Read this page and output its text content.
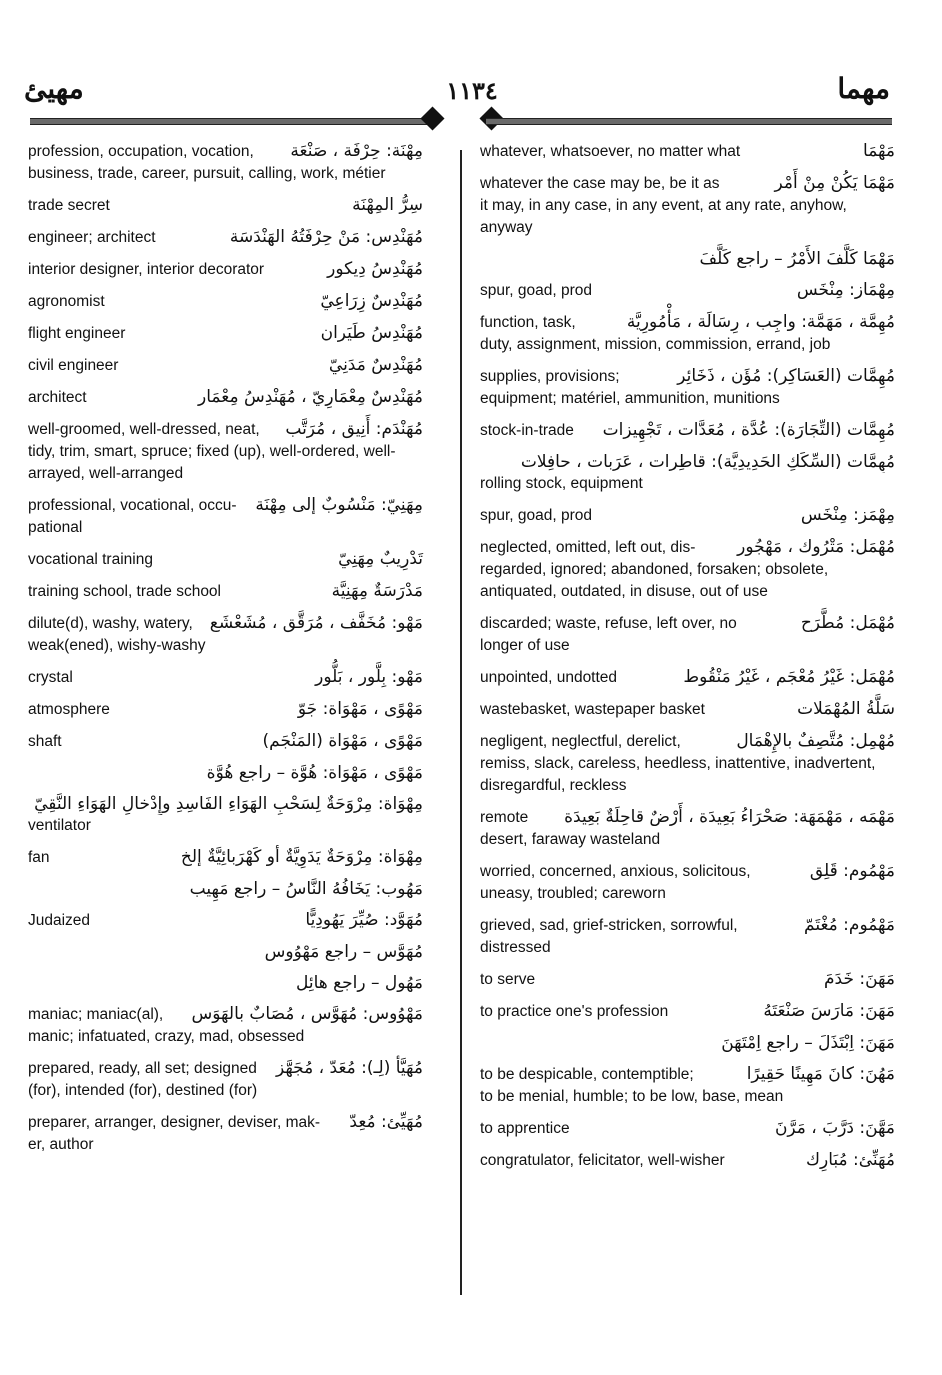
مهيئ	١١٣٤	مهما
profession, occupation, vocation,	مِهْنَة: حِرْفَة ، صَنْعَة
business, trade, career, pursuit, calling, work, métier
trade secret	سِرُّ المِهْنَة
engineer; architect	مُهَنْدِس: مَنْ حِرْفَتُهُ الهَنْدَسَة
interior designer, interior decorator	مُهَنْدِسُ دِيكور
agronomist	مُهَنْدِسٌ زِرَاعِيّ
flight engineer	مُهَنْدِسُ طَيَران
civil engineer	مُهَنْدِسٌ مَدَنِيّ
architect	مُهَنْدِسٌ مِعْمَارِيّ ، مُهَنْدِسُ مِعْمَار
well-groomed, well-dressed, neat,	مُهَنْدَم: أَنِيق ، مُرَتَّب
tidy, trim, smart, spruce; fixed (up), well-ordered, well-arrayed, well-arranged
professional, vocational, occu-	مِهَنِيّ: مَنْسُوبٌ إلى مِهْنَة
pational
vocational training	تَدْرِيبٌ مِهَنِيّ
training school, trade school	مَدْرَسَةٌ مِهَنِيَّة
dilute(d), washy, watery, مَهْو: مُخَفَّف ، مُرَقَّق ، مُشَعْشَع
weak(ened), wishy-washy
crystal	مَهْو: بِلَّور ، بَلُّور
atmosphere	مَهْوًى ، مَهْوَاة: جَوّ
shaft	مَهْوًى ، مَهْوَاة (المَنْجَم)
مَهْوًى ، مَهْوَاة: هُوَّة – راجع هُوَّة
مِهْوَاة: مِرْوَحَةٌ لِسَحْبِ الهَوَاءِ الفَاسِدِ وإِدْخالِ الهَوَاءِ النَّقِيّ
ventilator
fan	مِهْوَاة: مِرْوَحَةٌ يَدَوِيَّةٌ أو كَهْرَبائِيَّةٌ إلخ
مَهُوب: يَخَافُهُ النَّاسُ – راجع مَهِيب
Judaized	مُهَوَّد: صُيِّرَ يَهُودِيًّا
مُهَوَّس – راجع مَهْوُوس
مَهُول – راجع هائِل
maniac; maniac(al),	مَهْوُوس: مُهَوَّس ، مُصَابٌ بالهَوَس
manic; infatuated, crazy, mad, obsessed
prepared, ready, all set; designed	مُهَيَّأ (لِـ): مُعَدّ ، مُجَهَّز
(for), intended (for), destined (for)
preparer, arranger, designer, deviser, mak-	مُهَيِّئ: مُعِدّ
er, author
whatever, whatsoever, no matter what	مَهْمَا
whatever the case may be, be it as	مَهْمَا يَكُنْ مِنْ أَمْر
it may, in any case, in any event, at any rate, anyhow, anyway
مَهْمَا كَلَّفَ الأَمْرُ – راجع كَلَّفَ
spur, goad, prod	مِهْمَاز: مِنْخَس
function, task,	مُهِمَّة ، مَهَمَّة: واجِب ، رِسَالَة ، مَأْمُورِيَّة
duty, assignment, mission, commission, errand, job
supplies, provisions;	مُهِمَّات (العَسَاكِر): مُؤَن ، ذَخَائِر
equipment; matériel, ammunition, munitions
stock-in-trade	مُهِمَّات (التِّجَارَة): عُدَّة ، مُعَدَّات ، تَجْهِيزات
مُهِمَّات (السِّكَكِ الحَدِيدِيَّة): قاطِرات ، عَرَبات ، حافِلات
rolling stock, equipment
spur, goad, prod	مِهْمَز: مِنْخَس
neglected, omitted, left out, dis-	مُهْمَل: مَتْرُوك ، مَهْجُور
regarded, ignored; abandoned, forsaken; obsolete, antiquated, outdated, in disuse, out of use
discarded; waste, refuse, left over, no	مُهْمَل: مُطَّرَح
longer of use
unpointed, undotted	مُهْمَل: غَيْرُ مُعْجَم ، غَيْرُ مَنْقُوط
wastebasket, wastepaper basket	سَلَّةُ المُهْمَلات
negligent, neglectful, derelict,	مُهْمِل: مُتَّصِفٌ بالإِهْمَال
remiss, slack, careless, heedless, inattentive, inadvertent, disregardful, reckless
remote	مَهْمَه ، مَهْمَهَة: صَحْرَاءُ بَعِيدَة ، أَرْضٌ قاحِلَةٌ بَعِيدَة
desert, faraway wasteland
worried, concerned, anxious, solicitous,	مَهْمُوم: قَلِق
uneasy, troubled; careworn
grieved, sad, grief-stricken, sorrowful,	مَهْمُوم: مُغْتَمّ
distressed
to serve	مَهَنَ: خَدَمَ
to practice one's profession	مَهَنَ: مَارَسَ صَنْعَتَهُ
مَهَنَ: اِبْتَذَلَ – راجع اِمْتَهَنَ
to be despicable, contemptible;	مَهُنَ: كانَ مَهِينًا حَقِيرًا
to be menial, humble; to be low, base, mean
to apprentice	مَهَّنَ: دَرَّبَ ، مَرَّنَ
congratulator, felicitator, well-wisher	مُهَنِّئ: مُبَارِك
